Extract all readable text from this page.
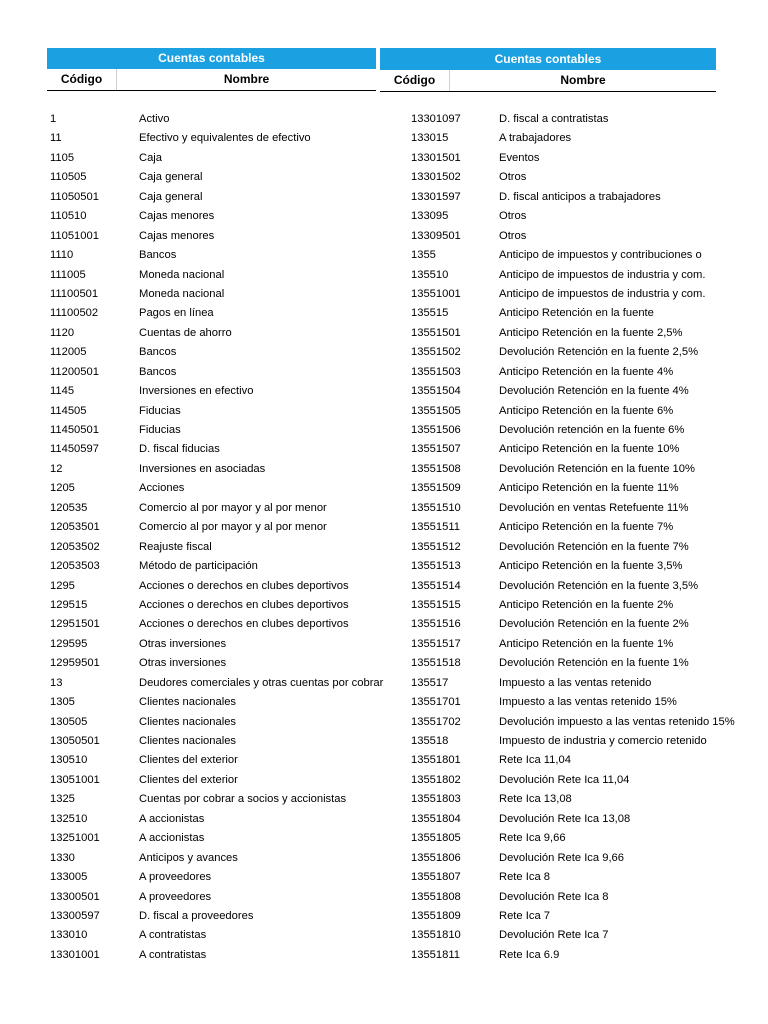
Cuentas contables
Código	Nombre
Cuentas contables
Código	Nombre
1	Activo
11	Efectivo y equivalentes de efectivo
1105	Caja
110505	Caja general
11050501	Caja general
110510	Cajas menores
11051001	Cajas menores
1110	Bancos
111005	Moneda nacional
11100501	Moneda nacional
11100502	Pagos en línea
1120	Cuentas de ahorro
112005	Bancos
11200501	Bancos
1145	Inversiones en efectivo
114505	Fiducias
11450501	Fiducias
11450597	D. fiscal fiducias
12	Inversiones en asociadas
1205	Acciones
120535	Comercio al por mayor y al por menor
12053501	Comercio al por mayor y al por menor
12053502	Reajuste fiscal
12053503	Método de participación
1295	Acciones o derechos en clubes deportivos
129515	Acciones o derechos en clubes deportivos
12951501	Acciones o derechos en clubes deportivos
129595	Otras inversiones
12959501	Otras inversiones
13	Deudores comerciales y otras cuentas por cobrar
1305	Clientes nacionales
130505	Clientes nacionales
13050501	Clientes nacionales
130510	Clientes del exterior
13051001	Clientes del exterior
1325	Cuentas por cobrar a socios y accionistas
132510	A accionistas
13251001	A accionistas
1330	Anticipos y avances
133005	A proveedores
13300501	A proveedores
13300597	D. fiscal a proveedores
133010	A contratistas
13301001	A contratistas
13301097	D. fiscal a contratistas
133015	A trabajadores
13301501	Eventos
13301502	Otros
13301597	D. fiscal anticipos a trabajadores
133095	Otros
13309501	Otros
1355	Anticipo de impuestos y contribuciones o
135510	Anticipo de impuestos de industria y com.
13551001	Anticipo de impuestos de industria y com.
135515	Anticipo Retención en la fuente
13551501	Anticipo Retención en la fuente 2,5%
13551502	Devolución Retención en la fuente 2,5%
13551503	Anticipo Retención en la fuente 4%
13551504	Devolución Retención en la fuente 4%
13551505	Anticipo Retención en la fuente 6%
13551506	Devolución retención en la fuente 6%
13551507	Anticipo Retención en la fuente 10%
13551508	Devolución Retención en la fuente 10%
13551509	Anticipo Retención en la fuente 11%
13551510	Devolución en ventas Retefuente 11%
13551511	Anticipo Retención en la fuente 7%
13551512	Devolución Retención en la fuente 7%
13551513	Anticipo Retención en la fuente 3,5%
13551514	Devolución Retención en la fuente 3,5%
13551515	Anticipo Retención en la fuente 2%
13551516	Devolución Retención en la fuente 2%
13551517	Anticipo Retención en la fuente 1%
13551518	Devolución Retención en la fuente 1%
135517	Impuesto a las ventas retenido
13551701	Impuesto a las ventas retenido 15%
13551702	Devolución impuesto a las ventas retenido 15%
135518	Impuesto de industria y comercio retenido
13551801	Rete Ica 11,04
13551802	Devolución Rete Ica 11,04
13551803	Rete Ica 13,08
13551804	Devolución Rete Ica 13,08
13551805	Rete Ica 9,66
13551806	Devolución Rete Ica 9,66
13551807	Rete Ica 8
13551808	Devolución Rete Ica 8
13551809	Rete Ica 7
13551810	Devolución Rete Ica 7
13551811	Rete Ica 6.9
